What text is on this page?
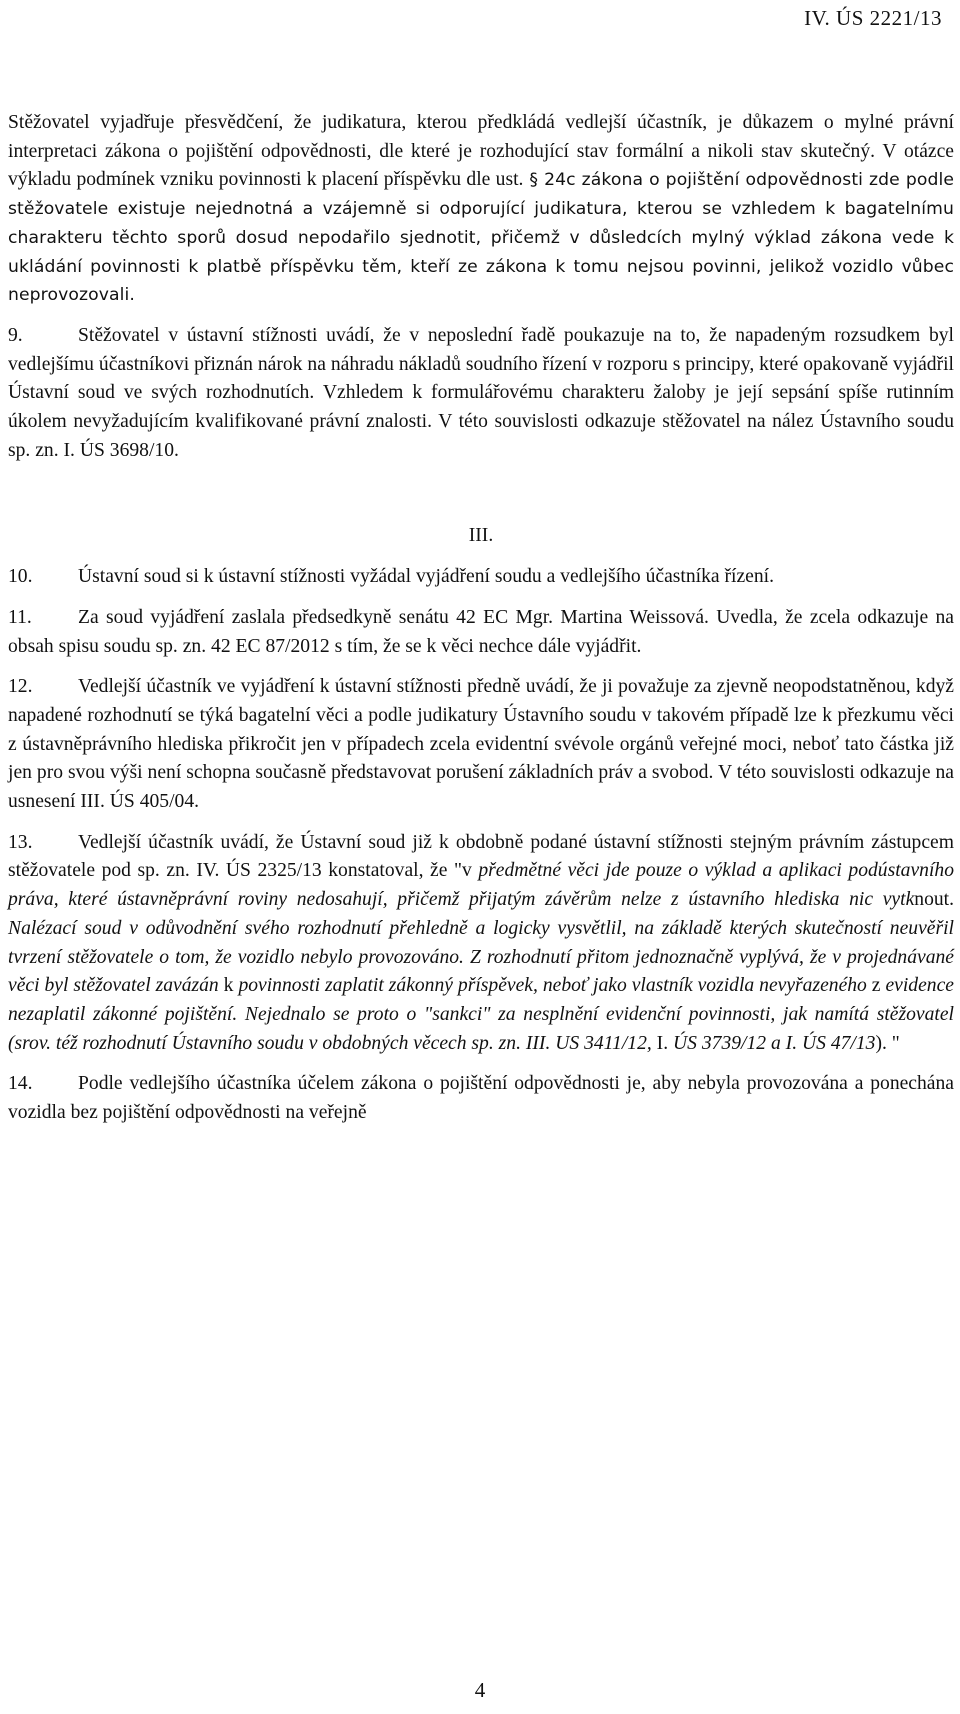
IV. ÚS 2221/13

Stěžovatel vyjadřuje přesvědčení, že judikatura, kterou předkládá vedlejší účastník, je důkazem o mylné právní interpretaci zákona o pojištění odpovědnosti, dle které je rozhodující stav formální a nikoli stav skutečný. V otázce výkladu podmínek vzniku povinnosti k placení příspěvku dle ust. § 24c zákona o pojištění odpovědnosti zde podle stěžovatele existuje nejednotná a vzájemně si odporující judikatura, kterou se vzhledem k bagatelnímu charakteru těchto sporů dosud nepodařilo sjednotit, přičemž v důsledcích mylný výklad zákona vede k ukládání povinnosti k platbě příspěvku těm, kteří ze zákona k tomu nejsou povinni, jelikož vozidlo vůbec neprovozovali.

9.	Stěžovatel v ústavní stížnosti uvádí, že v neposlední řadě poukazuje na to, že napadeným rozsudkem byl vedlejšímu účastníkovi přiznán nárok na náhradu nákladů soudního řízení v rozporu s principy, které opakovaně vyjádřil Ústavní soud ve svých rozhodnutích. Vzhledem k formulářovému charakteru žaloby je její sepsání spíše rutinním úkolem nevyžadujícím kvalifikované právní znalosti. V této souvislosti odkazuje stěžovatel na nález Ústavního soudu sp. zn. I. ÚS 3698/10.

III.

10. Ústavní soud si k ústavní stížnosti vyžádal vyjádření soudu a vedlejšího účastníka řízení.

11. Za soud vyjádření zaslala předsedkyně senátu 42 EC Mgr. Martina Weissová. Uvedla, že zcela odkazuje na obsah spisu soudu sp. zn. 42 EC 87/2012 s tím, že se k věci nechce dále vyjádřit.

12. Vedlejší účastník ve vyjádření k ústavní stížnosti předně uvádí, že ji považuje za zjevně neopodstatněnou, když napadené rozhodnutí se týká bagatelní věci a podle judikatury Ústavního soudu v takovém případě lze k přezkumu věci z ústavněprávního hlediska přikročit jen v případech zcela evidentní svévole orgánů veřejné moci, neboť tato částka již jen pro svou výši není schopna současně představovat porušení základních práv a svobod. V této souvislosti odkazuje na usnesení III. ÚS 405/04.

13. Vedlejší účastník uvádí, že Ústavní soud již k obdobně podané ústavní stížnosti stejným právním zástupcem stěžovatele pod sp. zn. IV. ÚS 2325/13 konstatoval, že "v předmětné věci jde pouze o výklad a aplikaci podústavního práva, které ústavněprávní roviny nedosahují, přičemž přijatým závěrům nelze z ústavního hlediska nic vytknout. Nalézací soud v odůvodnění svého rozhodnutí přehledně a logicky vysvětlil, na základě kterých skutečností neuvěřil tvrzení stěžovatele o tom, že vozidlo nebylo provozováno. Z rozhodnutí přitom jednoznačně vyplývá, že v projednávané věci byl stěžovatel zavázán k povinnosti zaplatit zákonný příspěvek, neboť jako vlastník vozidla nevyřazeného z evidence nezaplatil zákonné pojištění. Nejednalo se proto o "sankci" za nesplnění evidenční povinnosti, jak namítá stěžovatel (srov. též rozhodnutí Ústavního soudu v obdobných věcech sp. zn. III. US 3411/12, I. ÚS 3739/12 a I. ÚS 47/13). "

14. Podle vedlejšího účastníka účelem zákona o pojištění odpovědnosti je, aby nebyla provozována a ponechána vozidla bez pojištění odpovědnosti na veřejně

4
